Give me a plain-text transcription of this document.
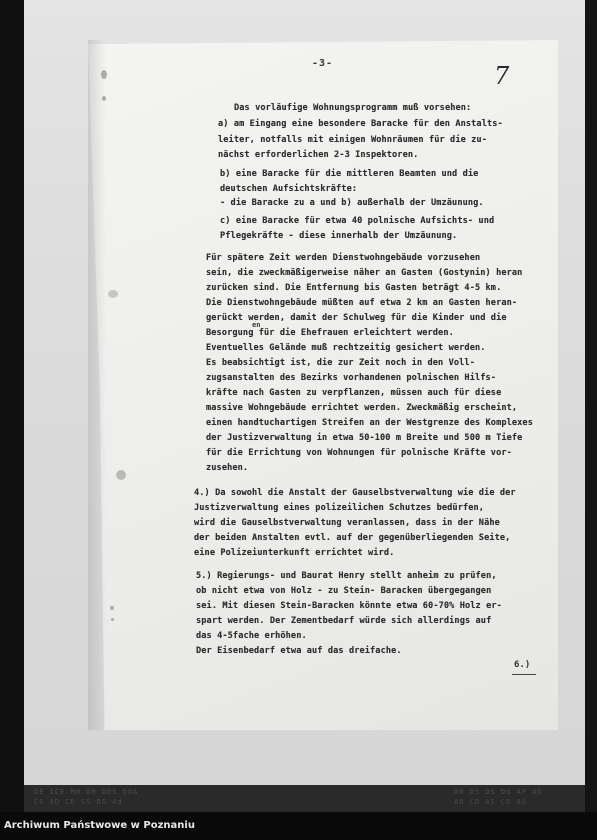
DE ICE MH DH DDS DOA
CS AD CD SS DS Ad
D0 DS DS DG AF AD
AD CD AS CD AS
-3-	7
Das vorläufige Wohnungsprogramm muß vorsehen:
a) am Eingang eine besondere Baracke für den Anstalts-
leiter, notfalls mit einigen Wohnräumen für die zu-
nächst erforderlichen 2-3 Inspektoren.
b) eine Baracke für die mittleren Beamten und die
deutschen Aufsichtskräfte:
- die Baracke zu a und b) außerhalb der Umzäunung.
c) eine Baracke für etwa 40 polnische Aufsichts- und
Pflegekräfte - diese innerhalb der Umzäunung.
Für spätere Zeit werden Dienstwohngebäude vorzusehen
sein, die zweckmäßigerweise näher an Gasten (Gostynin) heran
zurücken sind. Die Entfernung bis Gasten beträgt 4-5 km.
Die Dienstwohngebäude müßten auf etwa 2 km an Gasten heran-
gerückt werden, damit der Schulweg für die Kinder und die
en
Besorgung für die Ehefrauen erleichtert werden.
Eventuelles Gelände muß rechtzeitig gesichert werden.
Es beabsichtigt ist, die zur Zeit noch in den Voll-
zugsanstalten des Bezirks vorhandenen polnischen Hilfs-
kräfte nach Gasten zu verpflanzen, müssen auch für diese
massive Wohngebäude errichtet werden. Zweckmäßig erscheint,
einen handtuchartigen Streifen an der Westgrenze des Komplexes
der Justizverwaltung in etwa 50-100 m Breite und 500 m Tiefe
für die Errichtung von Wohnungen für polnische Kräfte vor-
zusehen.
4.) Da sowohl die Anstalt der Gauselbstverwaltung wie die der
Justizverwaltung eines polizeilichen Schutzes bedürfen,
wird die Gauselbstverwaltung veranlassen, dass in der Nähe
der beiden Anstalten evtl. auf der gegenüberliegenden Seite,
eine Polizeiunterkunft errichtet wird.
5.) Regierungs- und Baurat Henry stellt anheim zu prüfen,
ob nicht etwa von Holz - zu Stein- Baracken übergegangen
sei. Mit diesen Stein-Baracken könnte etwa 60-70% Holz er-
spart werden. Der Zementbedarf würde sich allerdings auf
das 4-5fache erhöhen.
Der Eisenbedarf etwa auf das dreifache.
6.)
Archiwum Państwowe w Poznaniu
